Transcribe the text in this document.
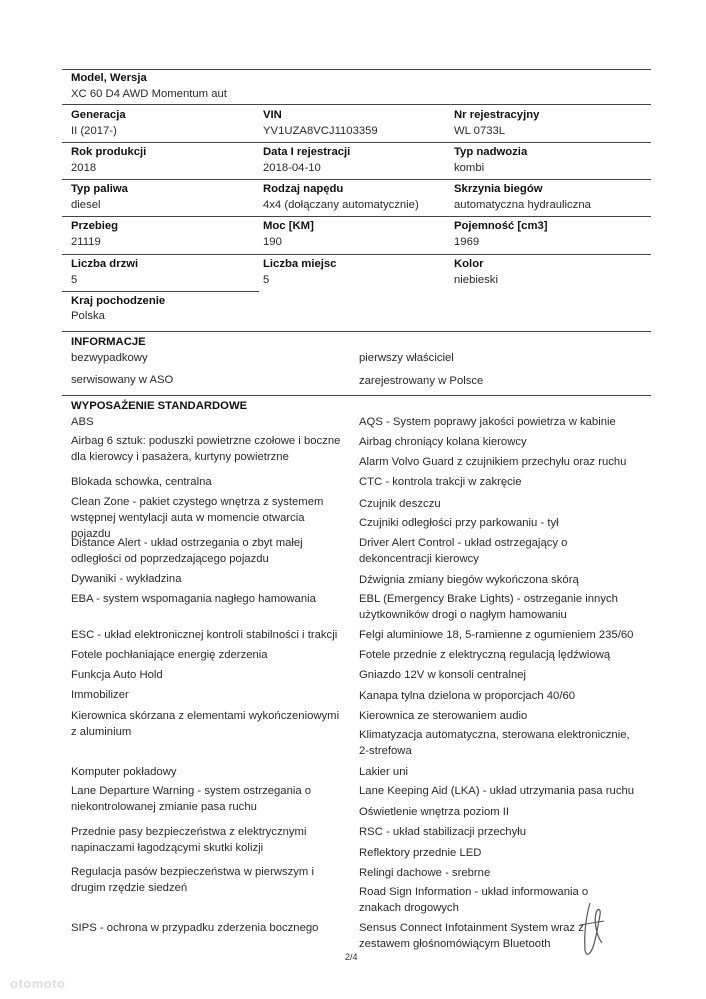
Model, Wersja
XC 60 D4 AWD Momentum aut
Generacja
II (2017-)
VIN
YV1UZA8VCJ1103359
Nr rejestracyjny
WL 0733L
Rok produkcji
2018
Data I rejestracji
2018-04-10
Typ nadwozia
kombi
Typ paliwa
diesel
Rodzaj napędu
4x4 (dołączany automatycznie)
Skrzynia biegów
automatyczna hydrauliczna
Przebieg
21119
Moc [KM]
190
Pojemność [cm3]
1969
Liczba drzwi
5
Liczba miejsc
5
Kolor
niebieski
Kraj pochodzenie
Polska
INFORMACJE
bezwypadkowy	pierwszy właściciel
serwisowany w ASO	zarejestrowany w Polsce
WYPOSAŻENIE STANDARDOWE
ABS
Airbag 6 sztuk: poduszki powietrzne czołowe i boczne dla kierowcy i pasażera, kurtyny powietrzne
Blokada schowka, centralna
Clean Zone - pakiet czystego wnętrza z systemem wstępnej wentylacji auta w momencie otwarcia pojazdu
Distance Alert - układ ostrzegania o zbyt małej odległości od poprzedzającego pojazdu
Dywaniki - wykładzina
EBA - system wspomagania nagłego hamowania
ESC - układ elektronicznej kontroli stabilności i trakcji
Fotele pochłaniające energię zderzenia
Funkcja Auto Hold
Immobilizer
Kierownica skórzana z elementami wykończeniowymi z aluminium
Komputer pokładowy
Lane Departure Warning - system ostrzegania o niekontrolowanej zmianie pasa ruchu
Przednie pasy bezpieczeństwa z elektrycznymi napinaczami łagodzącymi skutki kolizji
Regulacja pasów bezpieczeństwa w pierwszym i drugim rzędzie siedzeń
SIPS - ochrona w przypadku zderzenia bocznego
AQS - System poprawy jakości powietrza w kabinie
Airbag chroniący kolana kierowcy
Alarm Volvo Guard z czujnikiem przechyłu oraz ruchu
CTC - kontrola trakcji w zakręcie
Czujnik deszczu
Czujniki odległości przy parkowaniu - tył
Driver Alert Control - układ ostrzegający o dekoncentracji kierowcy
Dźwignia zmiany biegów wykończona skórą
EBL (Emergency Brake Lights) - ostrzeganie innych użytkowników drogi o nagłym hamowaniu
Felgi aluminiowe 18, 5-ramienne z ogumieniem 235/60
Fotele przednie z elektryczną regulacją lędźwiową
Gniazdo 12V w konsoli centralnej
Kanapa tylna dzielona w proporcjach 40/60
Kierownica ze sterowaniem audio
Klimatyzacja automatyczna, sterowana elektronicznie, 2-strefowa
Lakier uni
Lane Keeping Aid (LKA) - układ utrzymania pasa ruchu
Oświetlenie wnętrza poziom II
RSC - układ stabilizacji przechyłu
Reflektory przednie LED
Relingi dachowe - srebrne
Road Sign Information - układ informowania o znakach drogowych
Sensus Connect Infotainment System wraz z zestawem głośnomówiącym Bluetooth
2/4
otomoto
